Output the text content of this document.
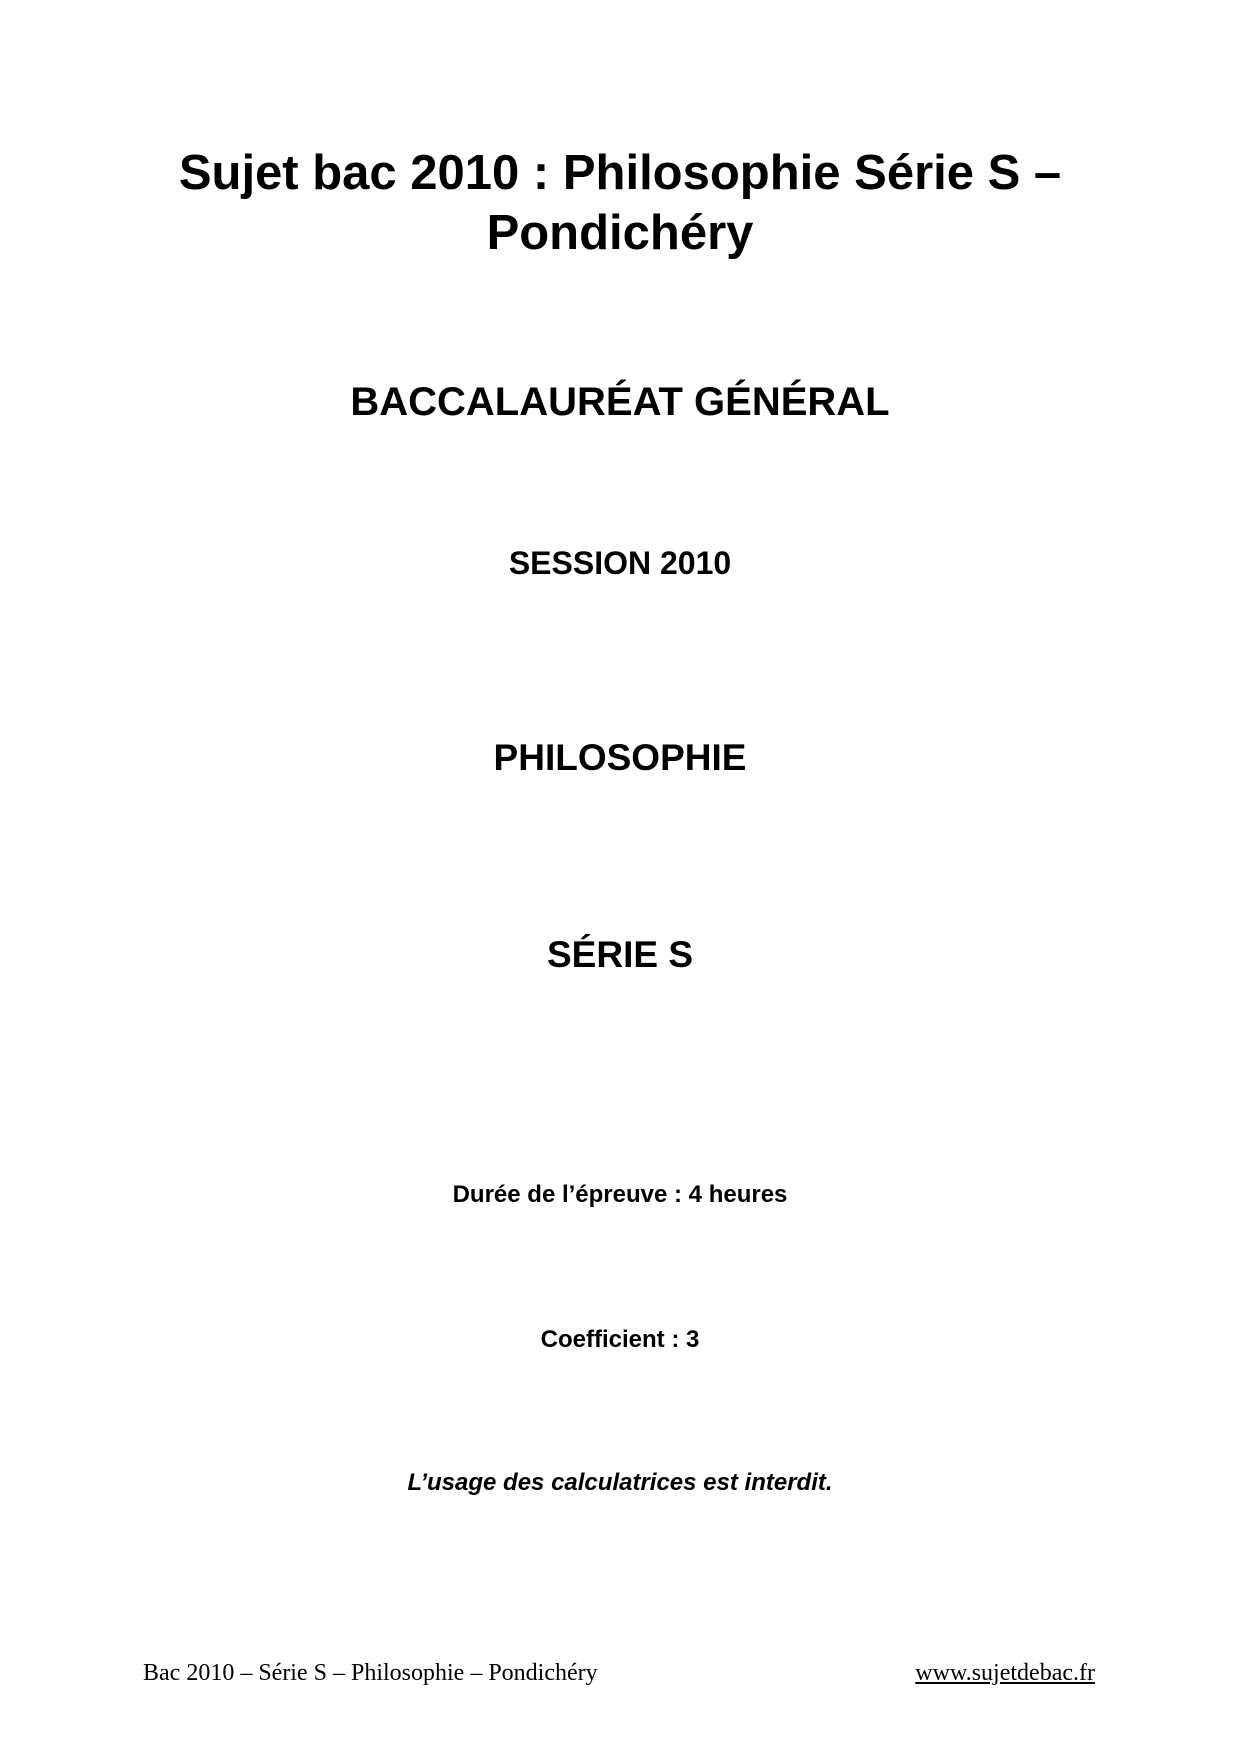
Sujet bac 2010 : Philosophie Série S –
Pondichéry
BACCALAURÉAT GÉNÉRAL
SESSION 2010
PHILOSOPHIE
SÉRIE S
Durée de l’épreuve : 4 heures
Coefficient : 3
L’usage des calculatrices est interdit.
Bac 2010 – Série S – Philosophie – Pondichéry	www.sujetdebac.fr
